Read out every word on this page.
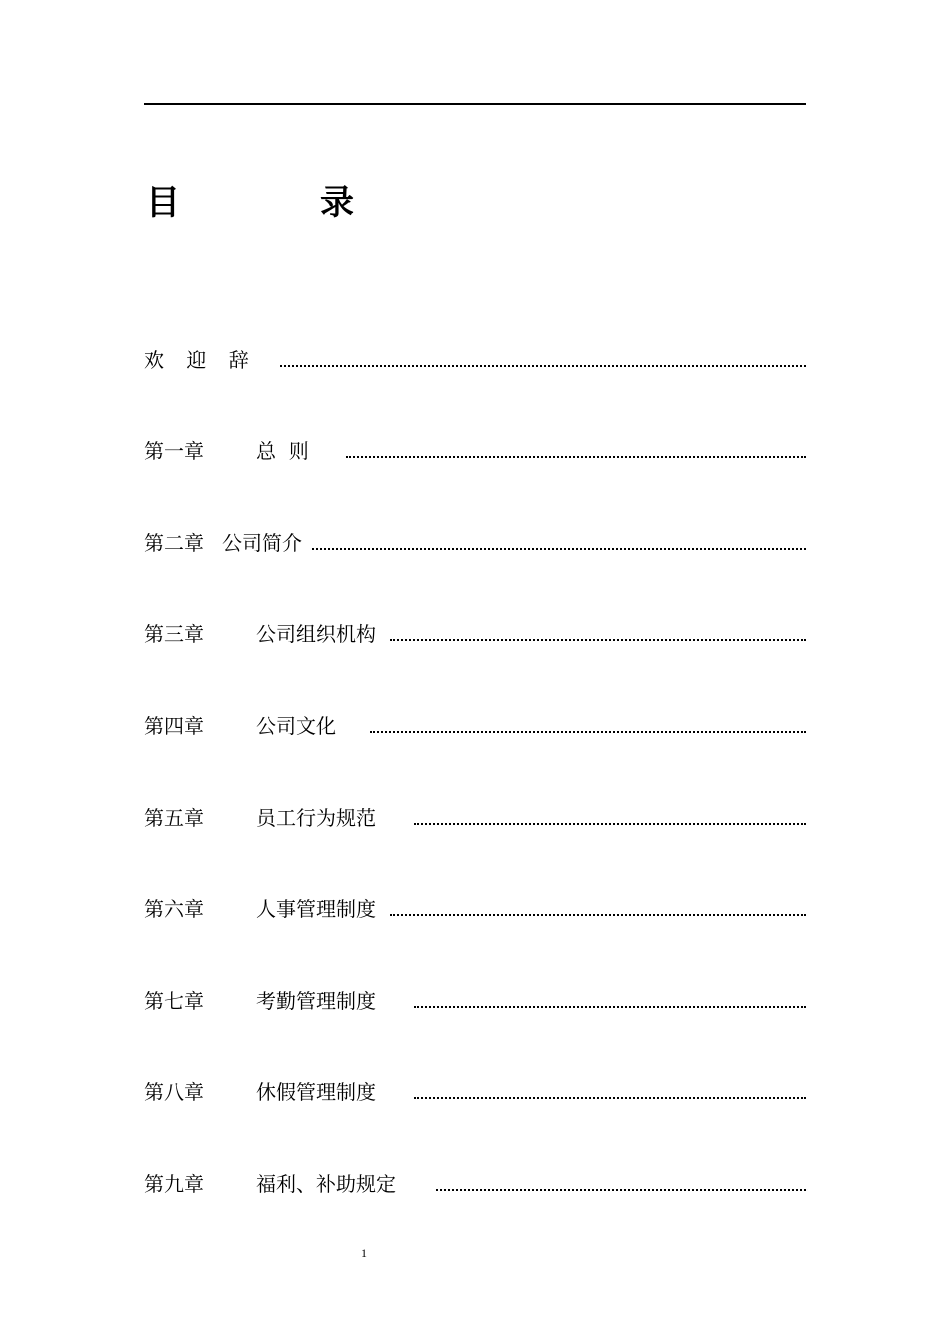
目	录
欢 迎 辞
第一章	总  则
第二章 公司简介
第三章	公司组织机构
第四章	公司文化
第五章	员工行为规范
第六章	人事管理制度
第七章	考勤管理制度
第八章	休假管理制度
第九章	福利、补助规定
1
